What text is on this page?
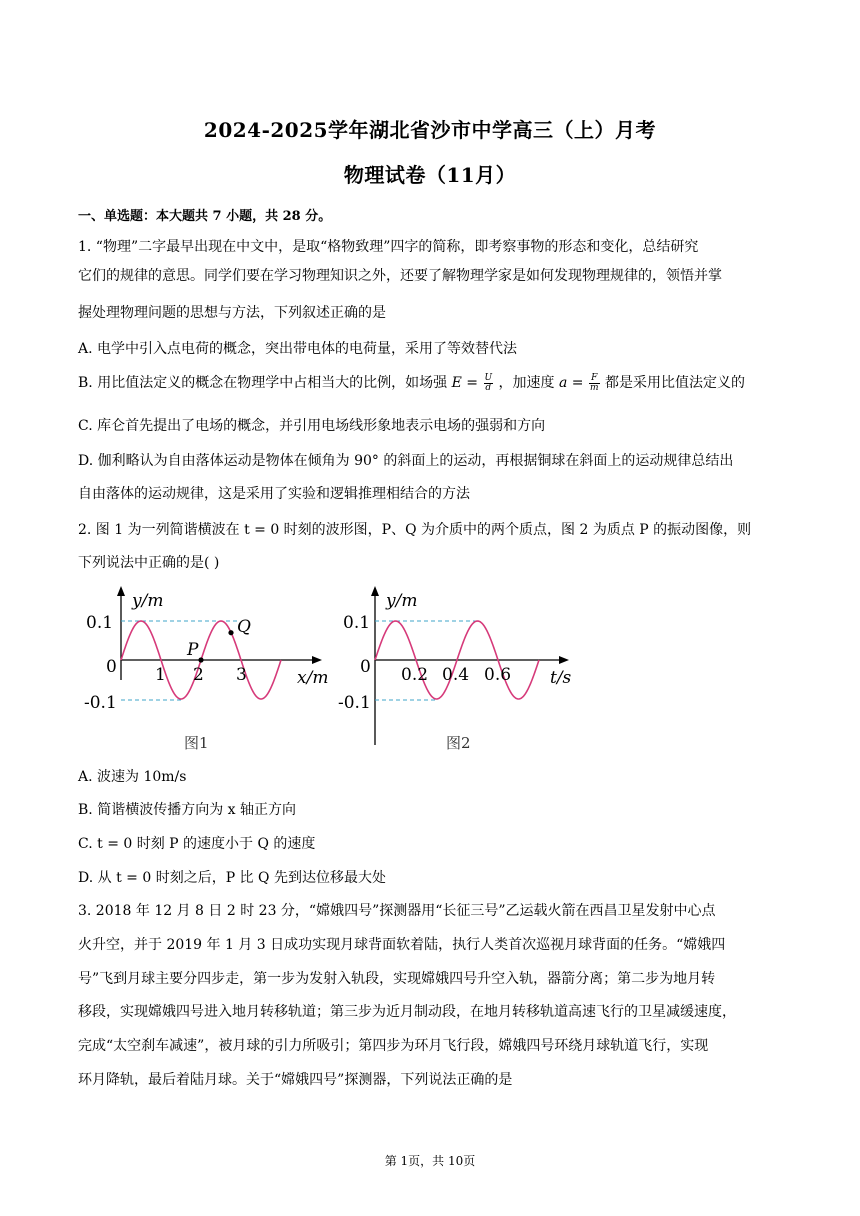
2024-2025学年湖北省沙市中学高三（上）月考
物理试卷（11月）
一、单选题：本大题共 7 小题，共 28 分。
1. “物理”二字最早出现在中文中，是取“格物致理”四字的简称，即考察事物的形态和变化，总结研究
它们的规律的意思。同学们要在学习物理知识之外，还要了解物理学家是如何发现物理规律的，领悟并掌
握处理物理问题的思想与方法，下列叙述正确的是
A. 电学中引入点电荷的概念，突出带电体的电荷量，采用了等效替代法
B. 用比值法定义的概念在物理学中占相当大的比例，如场强 $E = \frac{U}{d}$ ，加速度 $a = \frac{F}{m}$ 都是采用比值法定义的
C. 库仑首先提出了电场的概念，并引用电场线形象地表示电场的强弱和方向
D. 伽利略认为自由落体运动是物体在倾角为 90° 的斜面上的运动，再根据铜球在斜面上的运动规律总结出
自由落体的运动规律，这是采用了实验和逻辑推理相结合的方法
2. 图 1 为一列简谐横波在 t = 0 时刻的波形图，P、Q 为介质中的两个质点，图 2 为质点 P 的振动图像，则
下列说法中正确的是( )
y/m
0.1
0
-0.1
1 2 3	x/m
P
Q
图1
y/m
0.1
0
-0.1
0.2 0.4 0.6 t/s
图2
A. 波速为 10m/s
B. 简谐横波传播方向为 x 轴正方向
C. t = 0 时刻 P 的速度小于 Q 的速度
D. 从 t = 0 时刻之后，P 比 Q 先到达位移最大处
3. 2018 年 12 月 8 日 2 时 23 分，“嫦娥四号”探测器用“长征三号”乙运载火箭在西昌卫星发射中心点
火升空，并于 2019 年 1 月 3 日成功实现月球背面软着陆，执行人类首次巡视月球背面的任务。“嫦娥四
号”飞到月球主要分四步走，第一步为发射入轨段，实现嫦娥四号升空入轨，器箭分离；第二步为地月转
移段，实现嫦娥四号进入地月转移轨道；第三步为近月制动段，在地月转移轨道高速飞行的卫星减缓速度，
完成“太空刹车减速”，被月球的引力所吸引；第四步为环月飞行段，嫦娥四号环绕月球轨道飞行，实现
环月降轨，最后着陆月球。关于“嫦娥四号”探测器，下列说法正确的是
第 1页，共 10页
